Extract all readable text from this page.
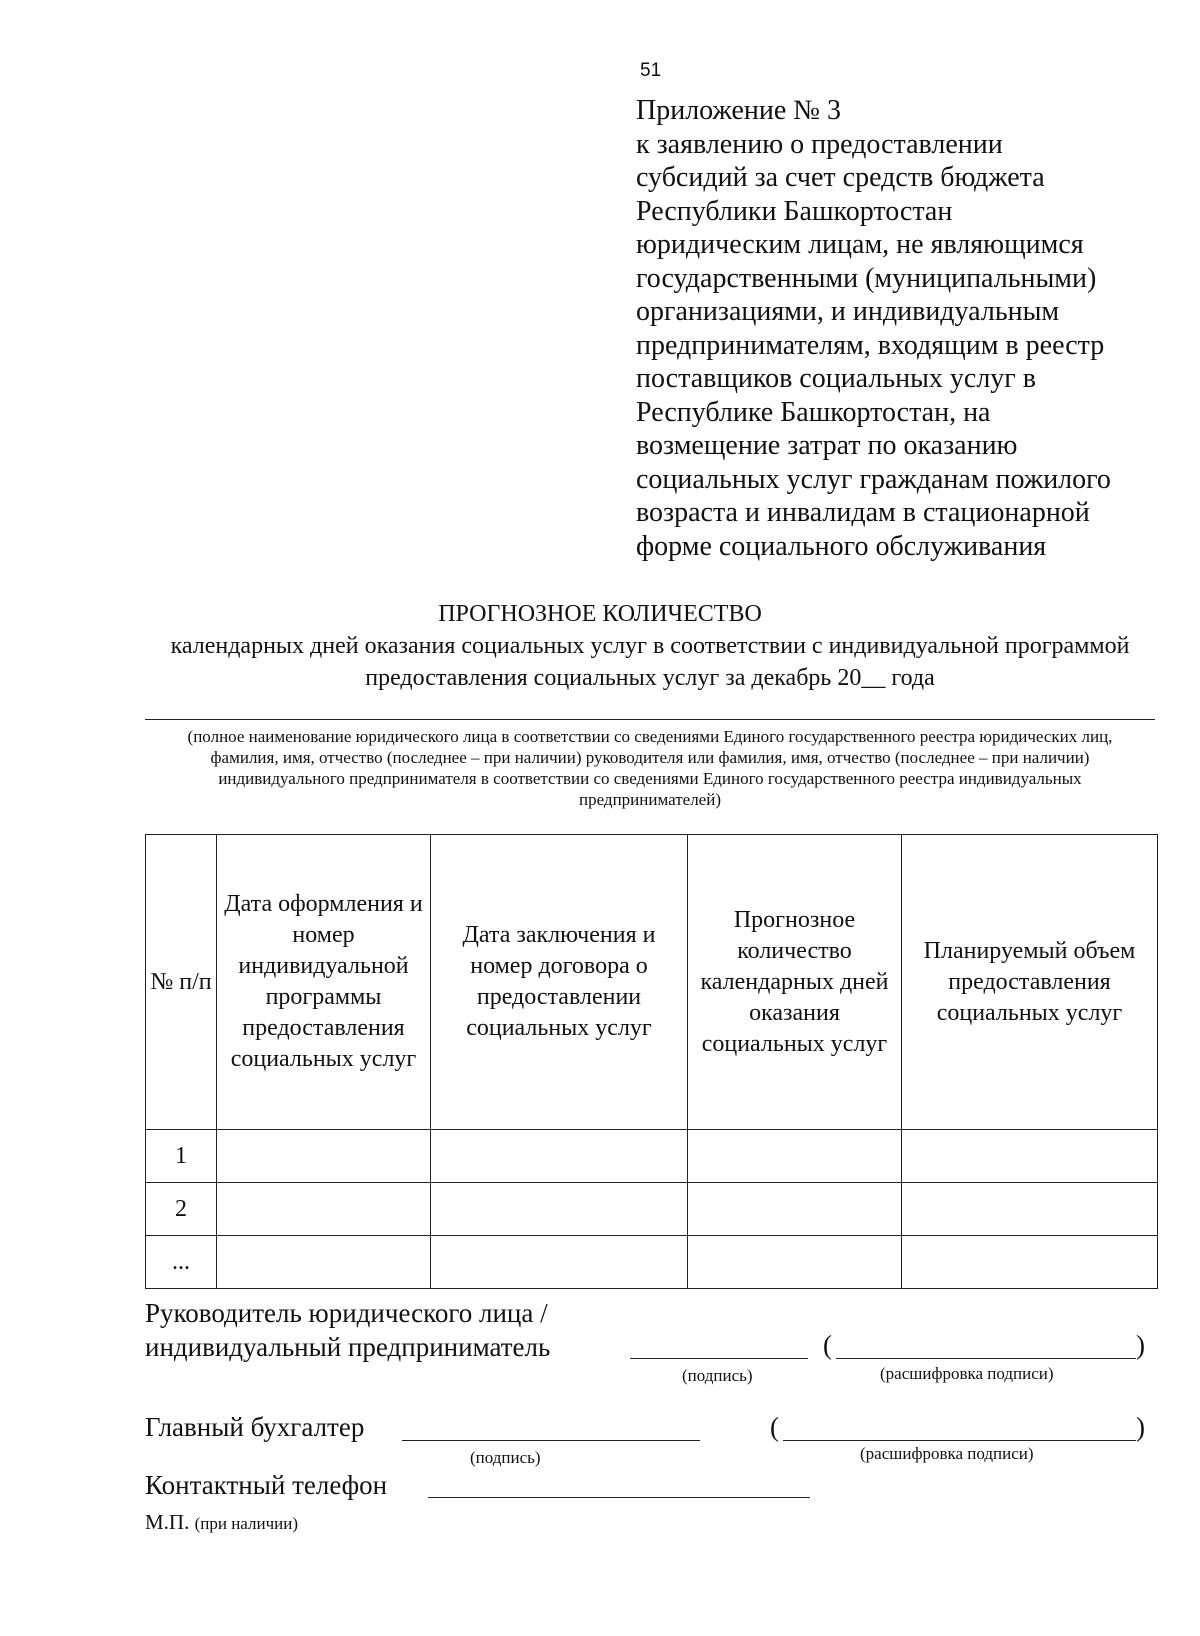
51
Приложение № 3
к заявлению о предоставлении
субсидий за счет средств бюджета
Республики Башкортостан
юридическим лицам, не являющимся
государственными (муниципальными)
организациями, и индивидуальным
предпринимателям, входящим в реестр
поставщиков социальных услуг в
Республике Башкортостан, на
возмещение затрат по оказанию
социальных услуг гражданам пожилого
возраста и инвалидам в стационарной
форме социального обслуживания
ПРОГНОЗНОЕ КОЛИЧЕСТВО
календарных дней оказания социальных услуг в соответствии с индивидуальной программой предоставления социальных услуг за декабрь 20__ года
(полное наименование юридического лица в соответствии со сведениями Единого государственного реестра юридических лиц, фамилия, имя, отчество (последнее – при наличии) руководителя или фамилия, имя, отчество (последнее – при наличии) индивидуального предпринимателя в соответствии со сведениями Единого государственного реестра индивидуальных предпринимателей)
№ п/п	Дата оформления и номер индивидуальной программы предоставления социальных услуг	Дата заключения и номер договора о предоставлении социальных услуг	Прогнозное количество календарных дней оказания социальных услуг	Планируемый объем предоставления социальных услуг
1				
2				
...				
Руководитель юридического лица /
индивидуальный предприниматель	(	)
(подпись)	(расшифровка подписи)
Главный бухгалтер	(	)
(подпись)	(расшифровка подписи)
Контактный телефон
М.П. (при наличии)
